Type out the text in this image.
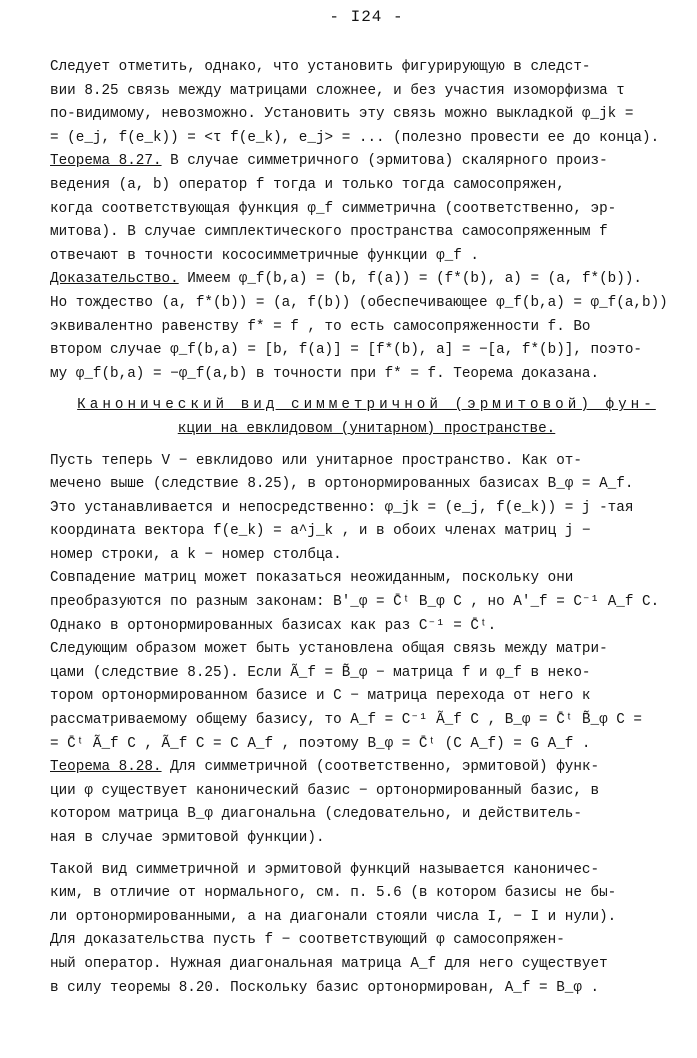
- I24 -

Следует отметить, однако, что установить фигурирующую в следст-

вии 8.25 связь между матрицами сложнее, и без участия изоморфизма τ

по-видимому, невозможно. Установить эту связь можно выкладкой φ_jk =

= (e_j, f(e_k)) = <τ f(e_k), e_j> = ... (полезно провести ее до конца).

Теорема 8.27. В случае симметричного (эрмитова) скалярного произ-

ведения (a, b) оператор f тогда и только тогда самосопряжен,

когда соответствующая функция φ_f симметрична (соответственно, эр-

митова). В случае симплектического пространства самосопряженным f

отвечают в точности кососимметричные функции φ_f .

Доказательство. Имеем φ_f(b,a) = (b, f(a)) = (f*(b), a) = (a, f*(b)).

Но тождество (a, f*(b)) = (a, f(b)) (обеспечивающее φ_f(b,a) = φ_f(a,b))

эквивалентно равенству f* = f , то есть самосопряженности f. Во

втором случае φ_f(b,a) = [b, f(a)] = [f*(b), a] = −[a, f*(b)], поэто-

му φ_f(b,a) = −φ_f(a,b) в точности при f* = f. Теорема доказана.

Канонический вид симметричной (эрмитовой) фун-
кции на евклидовом (унитарном) пространстве.

Пусть теперь V − евклидово или унитарное пространство. Как от-

мечено выше (следствие 8.25), в ортонормированных базисах B_φ = A_f.

Это устанавливается и непосредственно: φ_jk = (e_j, f(e_k)) = j -тая

координата вектора f(e_k) = a^j_k , и в обоих членах матриц j −

номер строки, а k − номер столбца.

Совпадение матриц может показаться неожиданным, поскольку они

преобразуются по разным законам: B'_φ = C̄ᵗ B_φ C , но A'_f = C⁻¹ A_f C.

Однако в ортонормированных базисах как раз C⁻¹ = C̄ᵗ.

Следующим образом может быть установлена общая связь между матри-

цами (следствие 8.25). Если Ã_f = B̃_φ − матрица f и φ_f в неко-

тором ортонормированном базисе и C − матрица перехода от него к

рассматриваемому общему базису, то A_f = C⁻¹ Ã_f C , B_φ = C̄ᵗ B̃_φ C =

= C̄ᵗ Ã_f C , Ã_f C = C A_f , поэтому B_φ = C̄ᵗ (C A_f) = G A_f .

Теорема 8.28. Для симметричной (соответственно, эрмитовой) функ-

ции φ существует канонический базис − ортонормированный базис, в

котором матрица B_φ диагональна (следовательно, и действитель-

ная в случае эрмитовой функции).

Такой вид симметричной и эрмитовой функций называется каноничес-

ким, в отличие от нормального, см. п. 5.6 (в котором базисы не бы-

ли ортонормированными, а на диагонали стояли числа I, − I и нули).

Для доказательства пусть f − соответствующий φ самосопряжен-

ный оператор. Нужная диагональная матрица A_f для него существует

в силу теоремы 8.20. Поскольку базис ортонормирован, A_f = B_φ .
